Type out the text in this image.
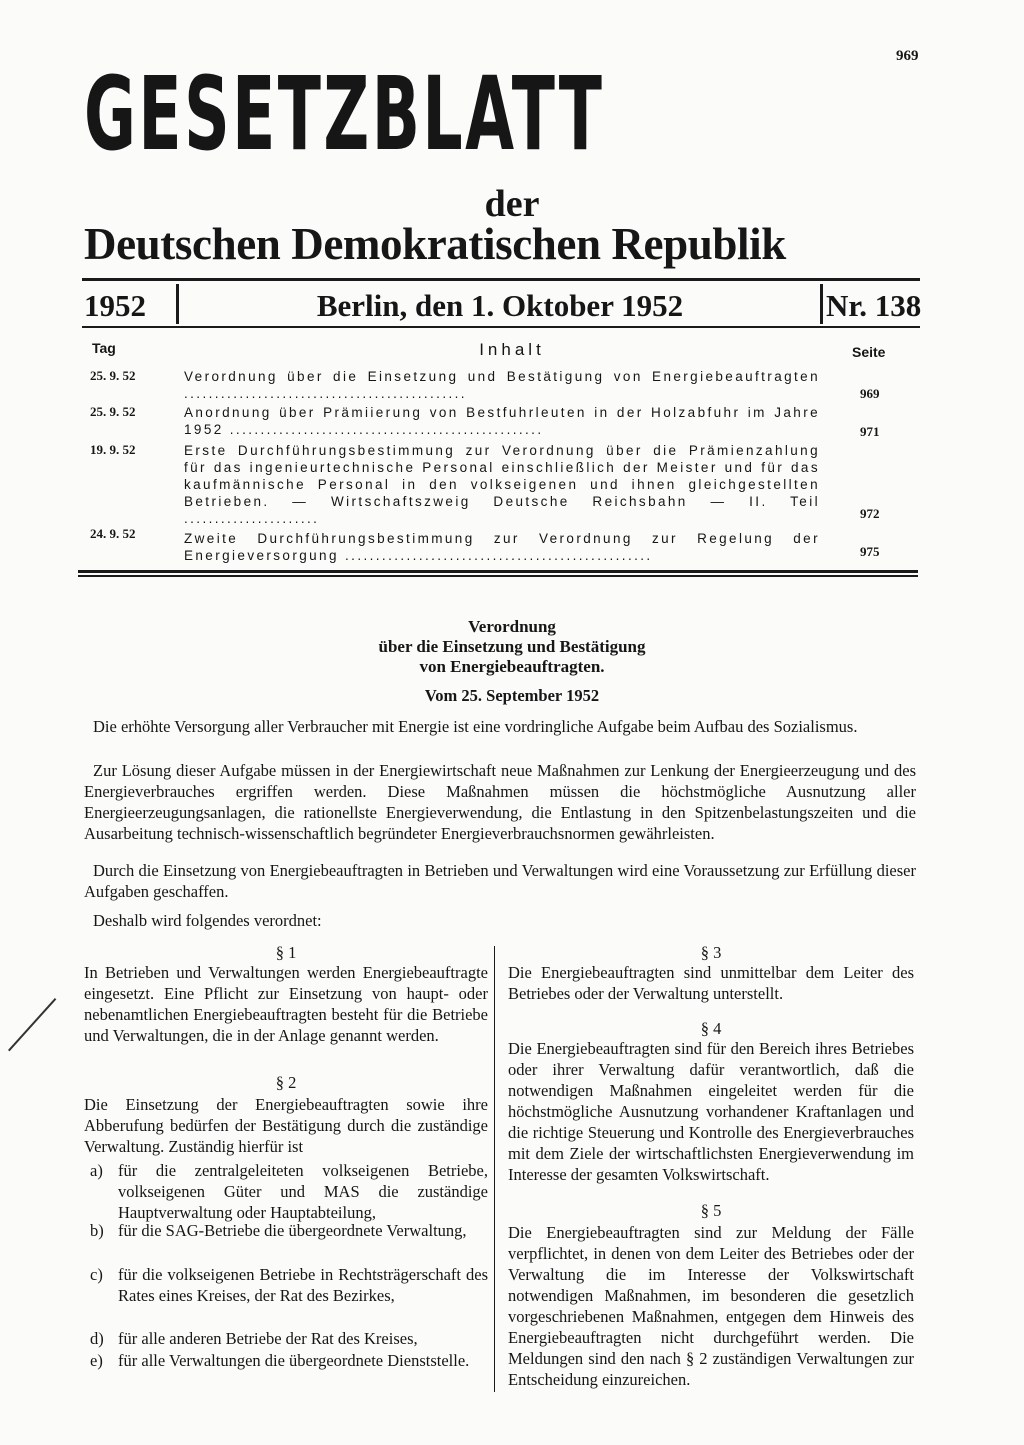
969
GESETZBLATT
der
Deutschen Demokratischen Republik
1952	Berlin, den 1. Oktober 1952	Nr. 138
Tag	Inhalt	Seite
25. 9. 52	Verordnung über die Einsetzung und Bestätigung von Energiebeauftragten ..............................................	969
25. 9. 52	Anordnung über Prämiierung von Bestfuhrleuten in der Holzabfuhr im Jahre 1952 ...................................................	971
19. 9. 52	Erste Durchführungsbestimmung zur Verordnung über die Prämienzahlung für das ingenieurtechnische Personal einschließlich der Meister und für das kaufmännische Personal in den volkseigenen und ihnen gleichgestellten Betrieben. — Wirtschaftszweig Deutsche Reichsbahn — II. Teil ......................	972
24. 9. 52	Zweite Durchführungsbestimmung zur Verordnung zur Regelung der Energieversorgung ..................................................	975
Verordnung
über die Einsetzung und Bestätigung
von Energiebeauftragten.
Vom 25. September 1952
Die erhöhte Versorgung aller Verbraucher mit Energie ist eine vordringliche Aufgabe beim Aufbau des Sozialismus.
Zur Lösung dieser Aufgabe müssen in der Energiewirtschaft neue Maßnahmen zur Lenkung der Energieerzeugung und des Energieverbrauches ergriffen werden. Diese Maßnahmen müssen die höchstmögliche Ausnutzung aller Energieerzeugungsanlagen, die rationellste Energieverwendung, die Entlastung in den Spitzenbelastungszeiten und die Ausarbeitung technisch-wissenschaftlich begründeter Energieverbrauchsnormen gewährleisten.
Durch die Einsetzung von Energiebeauftragten in Betrieben und Verwaltungen wird eine Voraussetzung zur Erfüllung dieser Aufgaben geschaffen.
Deshalb wird folgendes verordnet:
§ 1
In Betrieben und Verwaltungen werden Energiebeauftragte eingesetzt. Eine Pflicht zur Einsetzung von haupt- oder nebenamtlichen Energiebeauftragten besteht für die Betriebe und Verwaltungen, die in der Anlage genannt werden.
§ 2
Die Einsetzung der Energiebeauftragten sowie ihre Abberufung bedürfen der Bestätigung durch die zuständige Verwaltung. Zuständig hierfür ist
a) für die zentralgeleiteten volkseigenen Betriebe, volkseigenen Güter und MAS die zuständige Hauptverwaltung oder Hauptabteilung,
b) für die SAG-Betriebe die übergeordnete Verwaltung,
c) für die volkseigenen Betriebe in Rechtsträgerschaft des Rates eines Kreises, der Rat des Bezirkes,
d) für alle anderen Betriebe der Rat des Kreises,
e) für alle Verwaltungen die übergeordnete Dienststelle.
§ 3
Die Energiebeauftragten sind unmittelbar dem Leiter des Betriebes oder der Verwaltung unterstellt.
§ 4
Die Energiebeauftragten sind für den Bereich ihres Betriebes oder ihrer Verwaltung dafür verantwortlich, daß die notwendigen Maßnahmen eingeleitet werden für die höchstmögliche Ausnutzung vorhandener Kraftanlagen und die richtige Steuerung und Kontrolle des Energieverbrauches mit dem Ziele der wirtschaftlichsten Energieverwendung im Interesse der gesamten Volkswirtschaft.
§ 5
Die Energiebeauftragten sind zur Meldung der Fälle verpflichtet, in denen von dem Leiter des Betriebes oder der Verwaltung die im Interesse der Volkswirtschaft notwendigen Maßnahmen, im besonderen die gesetzlich vorgeschriebenen Maßnahmen, entgegen dem Hinweis des Energiebeauftragten nicht durchgeführt werden. Die Meldungen sind den nach § 2 zuständigen Verwaltungen zur Entscheidung einzureichen.
